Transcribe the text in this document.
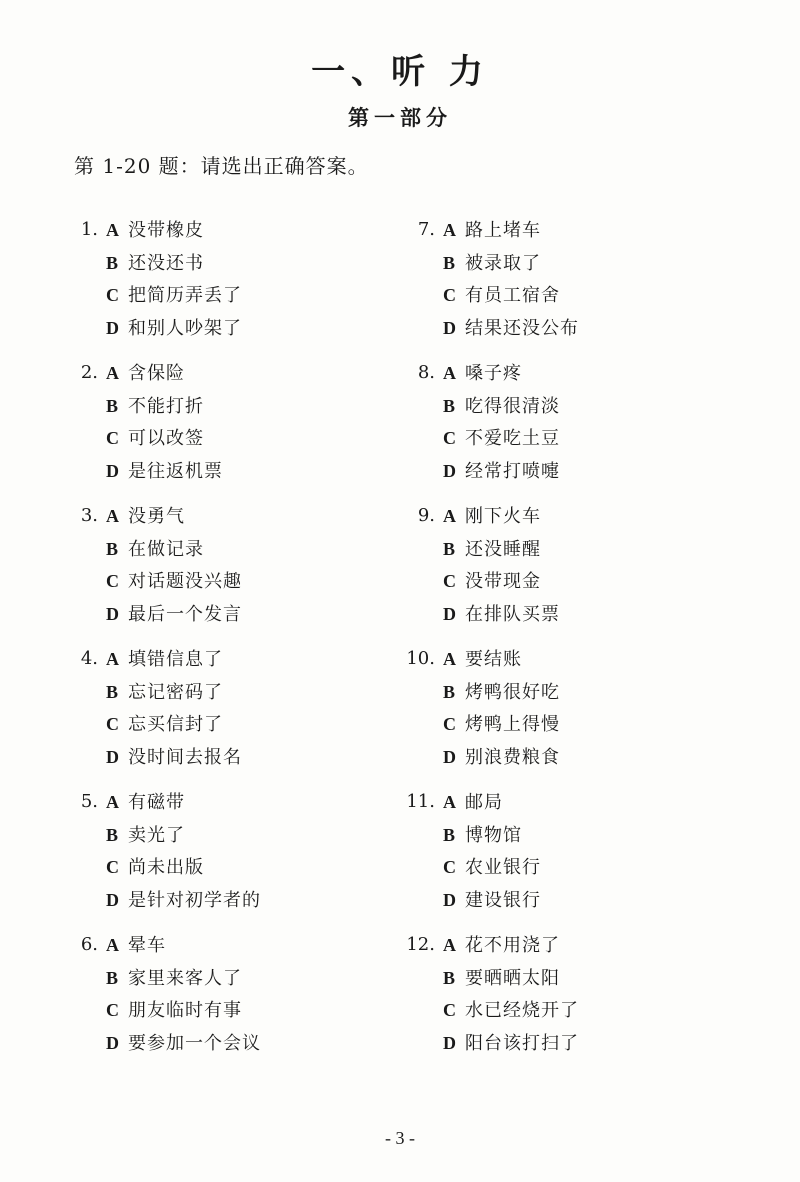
一、听 力
第一部分
第 1-20 题：请选出正确答案。
1. A 没带橡皮
B 还没还书
C 把简历弄丢了
D 和别人吵架了
2. A 含保险
B 不能打折
C 可以改签
D 是往返机票
3. A 没勇气
B 在做记录
C 对话题没兴趣
D 最后一个发言
4. A 填错信息了
B 忘记密码了
C 忘买信封了
D 没时间去报名
5. A 有磁带
B 卖光了
C 尚未出版
D 是针对初学者的
6. A 晕车
B 家里来客人了
C 朋友临时有事
D 要参加一个会议
7. A 路上堵车
B 被录取了
C 有员工宿舍
D 结果还没公布
8. A 嗓子疼
B 吃得很清淡
C 不爱吃土豆
D 经常打喷嚏
9. A 刚下火车
B 还没睡醒
C 没带现金
D 在排队买票
10. A 要结账
B 烤鸭很好吃
C 烤鸭上得慢
D 别浪费粮食
11. A 邮局
B 博物馆
C 农业银行
D 建设银行
12. A 花不用浇了
B 要晒晒太阳
C 水已经烧开了
D 阳台该打扫了
- 3 -
